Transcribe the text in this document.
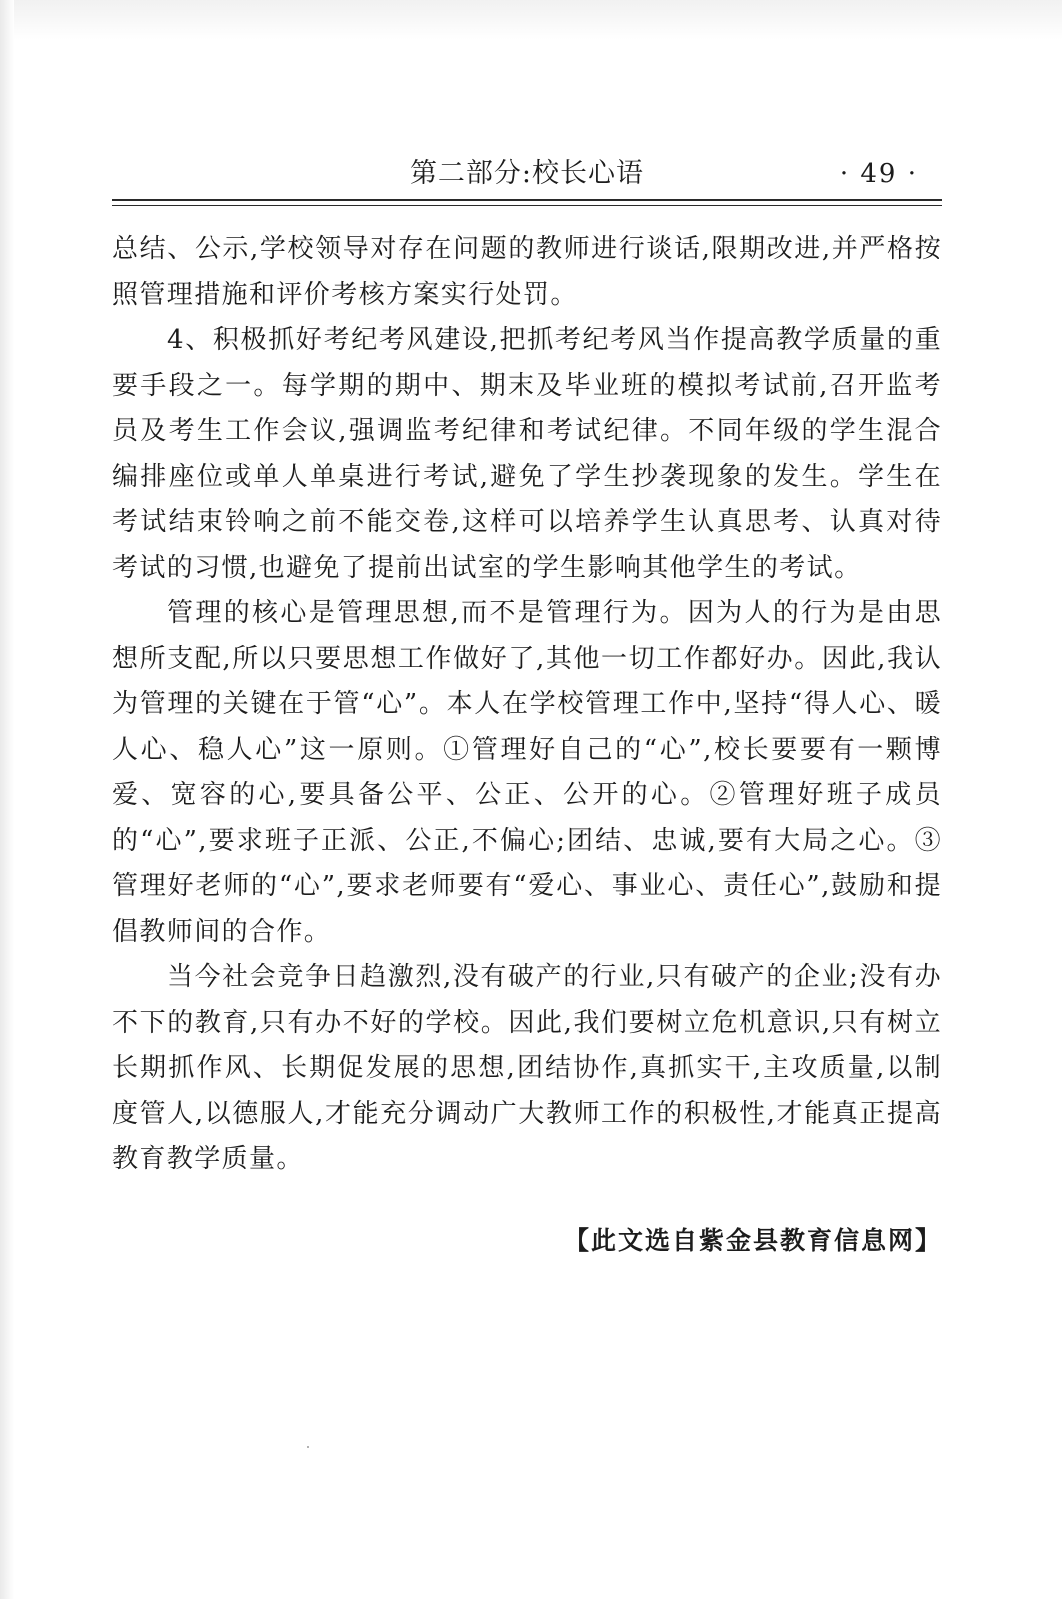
第二部分:校长心语	· 49 ·

总结、公示,学校领导对存在问题的教师进行谈话,限期改进,并严格按照管理措施和评价考核方案实行处罚。

4、积极抓好考纪考风建设,把抓考纪考风当作提高教学质量的重要手段之一。每学期的期中、期末及毕业班的模拟考试前,召开监考员及考生工作会议,强调监考纪律和考试纪律。不同年级的学生混合编排座位或单人单桌进行考试,避免了学生抄袭现象的发生。学生在考试结束铃响之前不能交卷,这样可以培养学生认真思考、认真对待考试的习惯,也避免了提前出试室的学生影响其他学生的考试。

管理的核心是管理思想,而不是管理行为。因为人的行为是由思想所支配,所以只要思想工作做好了,其他一切工作都好办。因此,我认为管理的关键在于管“心”。本人在学校管理工作中,坚持“得人心、暖人心、稳人心”这一原则。①管理好自己的“心”,校长要要有一颗博爱、宽容的心,要具备公平、公正、公开的心。②管理好班子成员的“心”,要求班子正派、公正,不偏心;团结、忠诚,要有大局之心。③管理好老师的“心”,要求老师要有“爱心、事业心、责任心”,鼓励和提倡教师间的合作。

当今社会竞争日趋激烈,没有破产的行业,只有破产的企业;没有办不下的教育,只有办不好的学校。因此,我们要树立危机意识,只有树立长期抓作风、长期促发展的思想,团结协作,真抓实干,主攻质量,以制度管人,以德服人,才能充分调动广大教师工作的积极性,才能真正提高教育教学质量。

【此文选自紫金县教育信息网】
